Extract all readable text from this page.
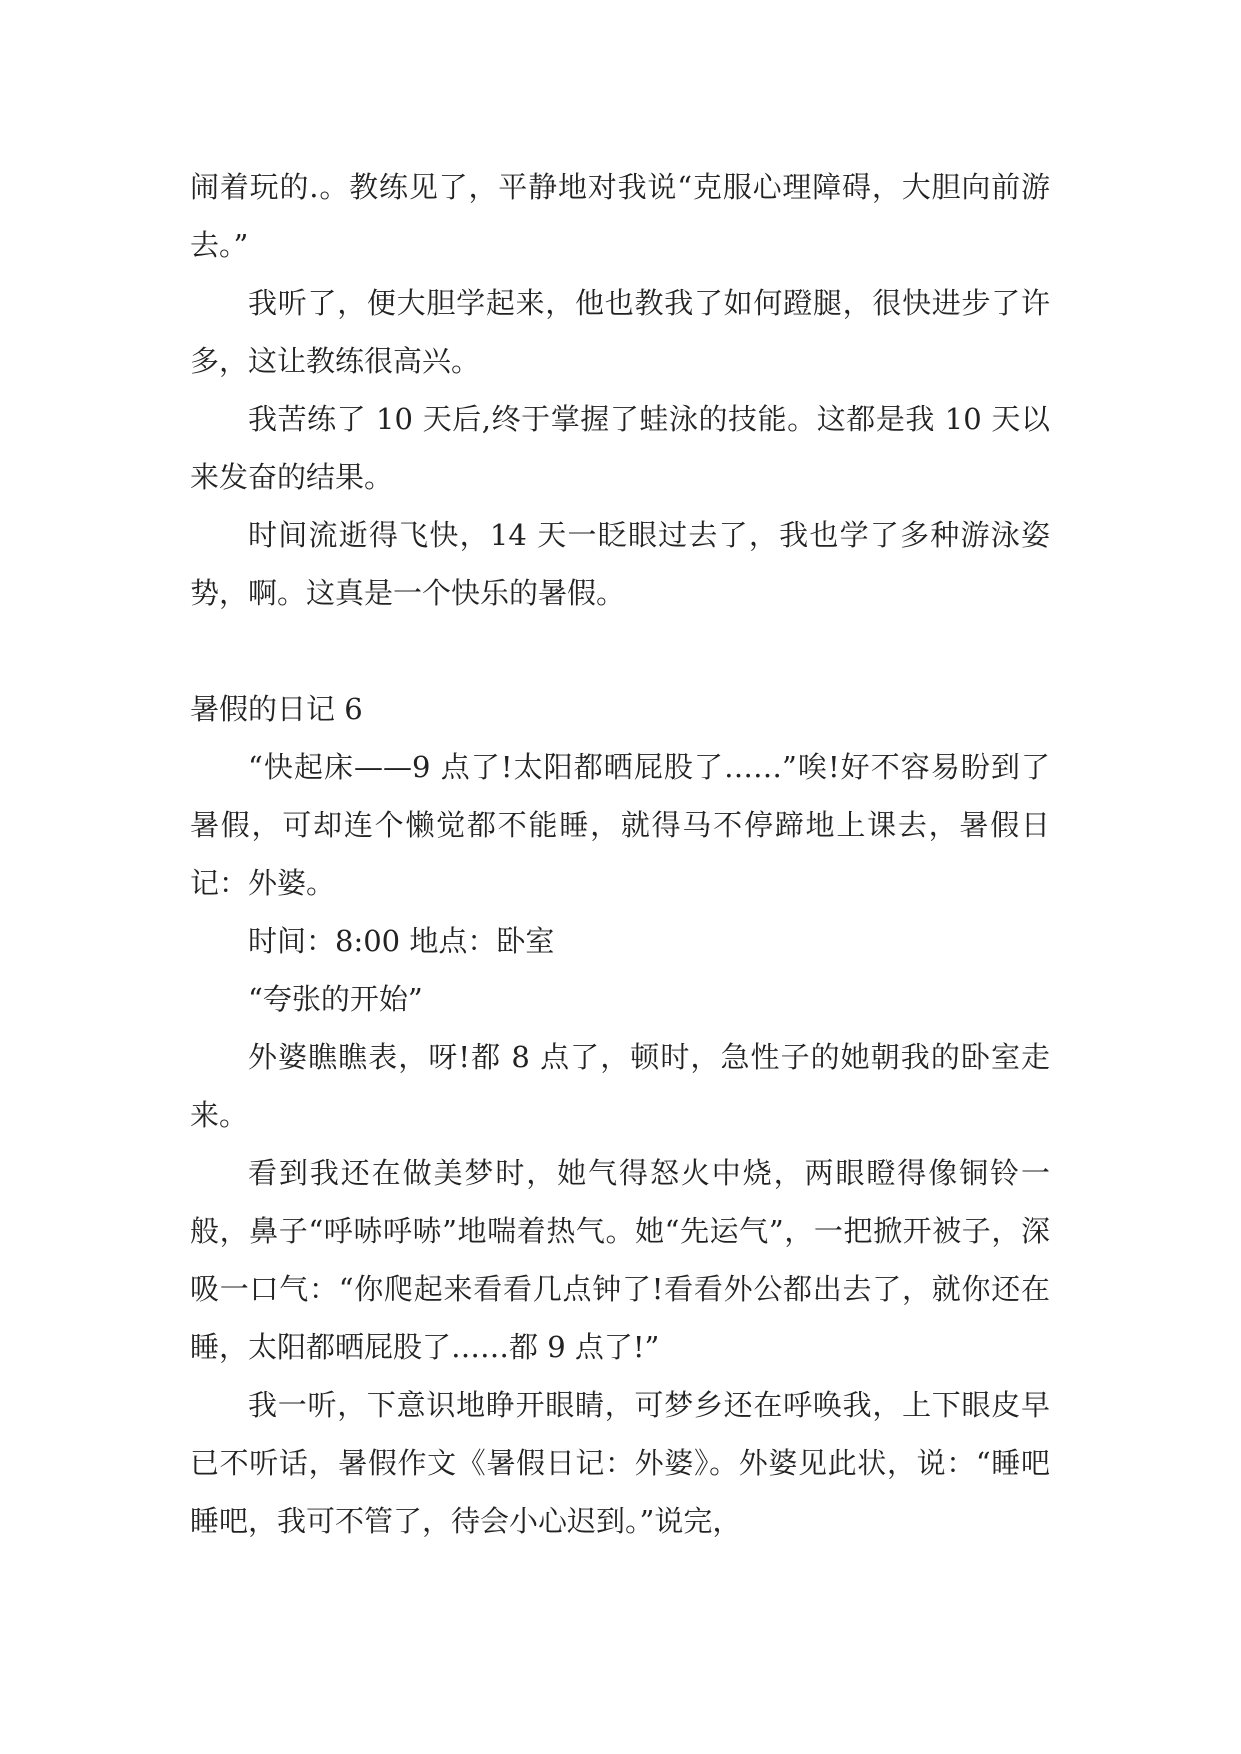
闹着玩的.。教练见了，平静地对我说“克服心理障碍，大胆向前游去。”

我听了，便大胆学起来，他也教我了如何蹬腿，很快进步了许多，这让教练很高兴。

我苦练了 10 天后,终于掌握了蛙泳的技能。这都是我 10 天以来发奋的结果。

时间流逝得飞快，14 天一眨眼过去了，我也学了多种游泳姿势，啊。这真是一个快乐的暑假。

暑假的日记 6

“快起床——9 点了!太阳都晒屁股了……”唉!好不容易盼到了暑假，可却连个懒觉都不能睡，就得马不停蹄地上课去，暑假日记：外婆。

时间：8:00 地点：卧室

“夸张的开始”

外婆瞧瞧表，呀!都 8 点了，顿时，急性子的她朝我的卧室走来。

看到我还在做美梦时，她气得怒火中烧，两眼瞪得像铜铃一般，鼻子“呼哧呼哧”地喘着热气。她“先运气”，一把掀开被子，深吸一口气：“你爬起来看看几点钟了!看看外公都出去了，就你还在睡，太阳都晒屁股了……都 9 点了!”

我一听，下意识地睁开眼睛，可梦乡还在呼唤我，上下眼皮早已不听话，暑假作文《暑假日记：外婆》。外婆见此状，说：“睡吧睡吧，我可不管了，待会小心迟到。”说完，
